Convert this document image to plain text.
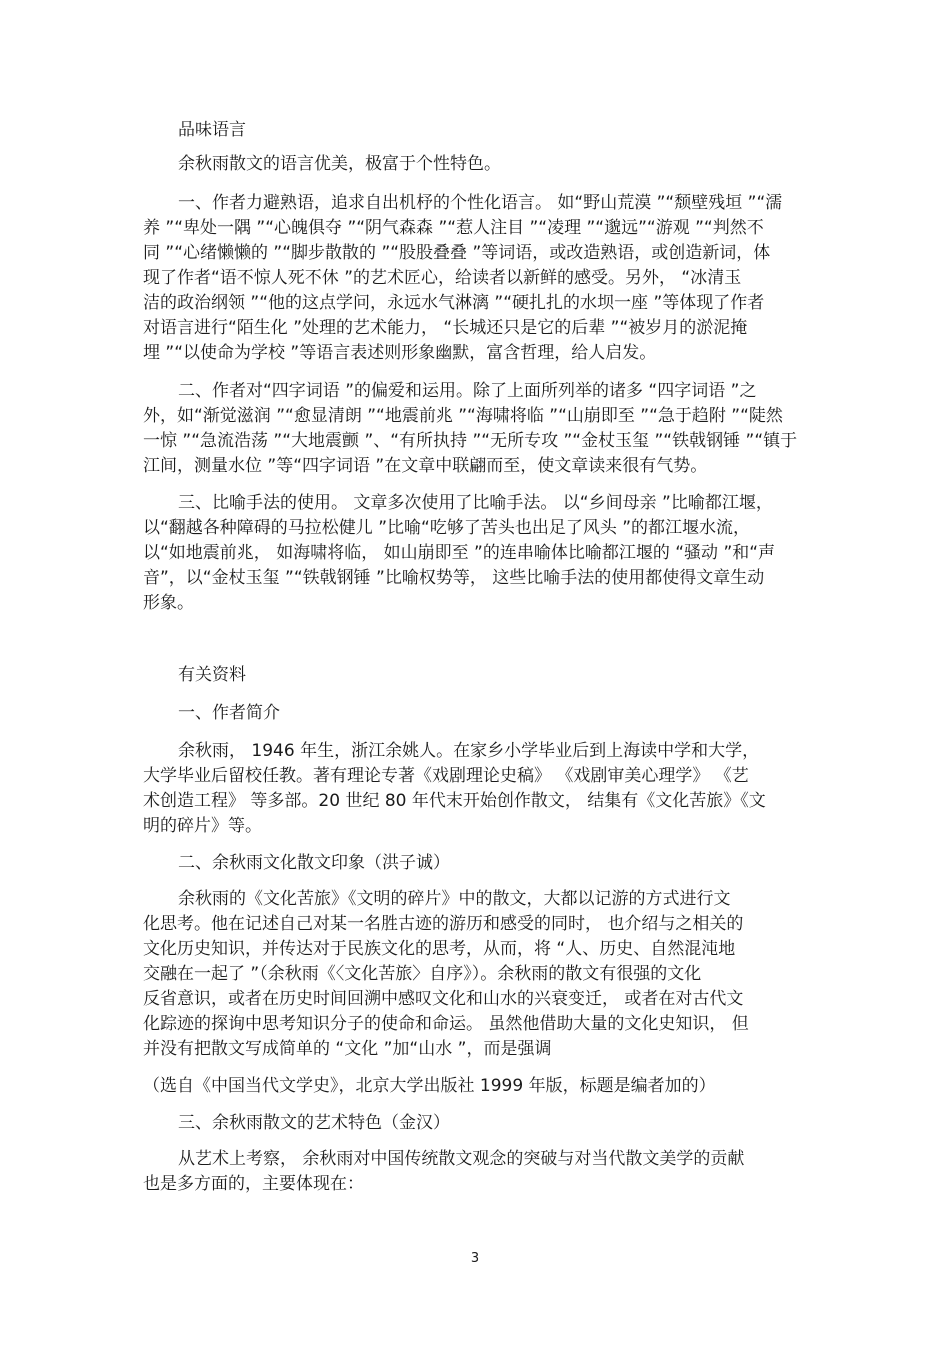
品味语言

余秋雨散文的语言优美，极富于个性特色。

一、作者力避熟语，追求自出机杼的个性化语言。 如“野山荒漠 ”“颓壁残垣 ”“濡

养 ”“卑处一隅 ”“心魄俱夺 ”“阴气森森 ”“惹人注目 ”“凌理 ”“邈远”“游观 ”“判然不

同 ”“心绪懒懒的 ”“脚步散散的 ”“股股叠叠 ”等词语，或改造熟语，或创造新词，体

现了作者“语不惊人死不休 ”的艺术匠心，给读者以新鲜的感受。另外， “冰清玉

洁的政治纲领 ”“他的这点学问，永远水气淋漓 ”“硬扎扎的水坝一座 ”等体现了作者

对语言进行“陌生化 ”处理的艺术能力， “长城还只是它的后辈 ”“被岁月的淤泥掩

埋 ”“以使命为学校 ”等语言表述则形象幽默，富含哲理，给人启发。

二、作者对“四字词语 ”的偏爱和运用。除了上面所列举的诸多 “四字词语 ”之

外，如“渐觉滋润 ”“愈显清朗 ”“地震前兆 ”“海啸将临 ”“山崩即至 ”“急于趋附 ”“陡然

一惊 ”“急流浩荡 ”“大地震颤 ”、“有所执持 ”“无所专攻 ”“金杖玉玺 ”“铁戟钢锤 ”“镇于

江间，测量水位 ”等“四字词语 ”在文章中联翩而至，使文章读来很有气势。

三、比喻手法的使用。 文章多次使用了比喻手法。 以“乡间母亲 ”比喻都江堰，

以“翻越各种障碍的马拉松健儿 ”比喻“吃够了苦头也出足了风头 ”的都江堰水流，

以“如地震前兆， 如海啸将临， 如山崩即至 ”的连串喻体比喻都江堰的 “骚动 ”和“声

音”，以“金杖玉玺 ”“铁戟钢锤 ”比喻权势等， 这些比喻手法的使用都使得文章生动

形象。

有关资料

一、作者简介

余秋雨， 1946 年生，浙江余姚人。在家乡小学毕业后到上海读中学和大学，

大学毕业后留校任教。著有理论专著《戏剧理论史稿》 《戏剧审美心理学》 《艺

术创造工程》 等多部。20 世纪 80 年代末开始创作散文， 结集有《文化苦旅》《文

明的碎片》等。

二、余秋雨文化散文印象（洪子诚）

余秋雨的《文化苦旅》《文明的碎片》中的散文，大都以记游的方式进行文

化思考。他在记述自己对某一名胜古迹的游历和感受的同时， 也介绍与之相关的

文化历史知识，并传达对于民族文化的思考，从而，将 “人、历史、自然混沌地

交融在一起了 ”（余秋雨《〈文化苦旅〉自序》）。余秋雨的散文有很强的文化

反省意识，或者在历史时间回溯中感叹文化和山水的兴衰变迁， 或者在对古代文

化踪迹的探询中思考知识分子的使命和命运。 虽然他借助大量的文化史知识， 但

并没有把散文写成简单的 “文化 ”加“山水 ”，而是强调

（选自《中国当代文学史》，北京大学出版社 1999 年版，标题是编者加的）

三、余秋雨散文的艺术特色（金汉）

从艺术上考察， 余秋雨对中国传统散文观念的突破与对当代散文美学的贡献

也是多方面的，主要体现在：

3
